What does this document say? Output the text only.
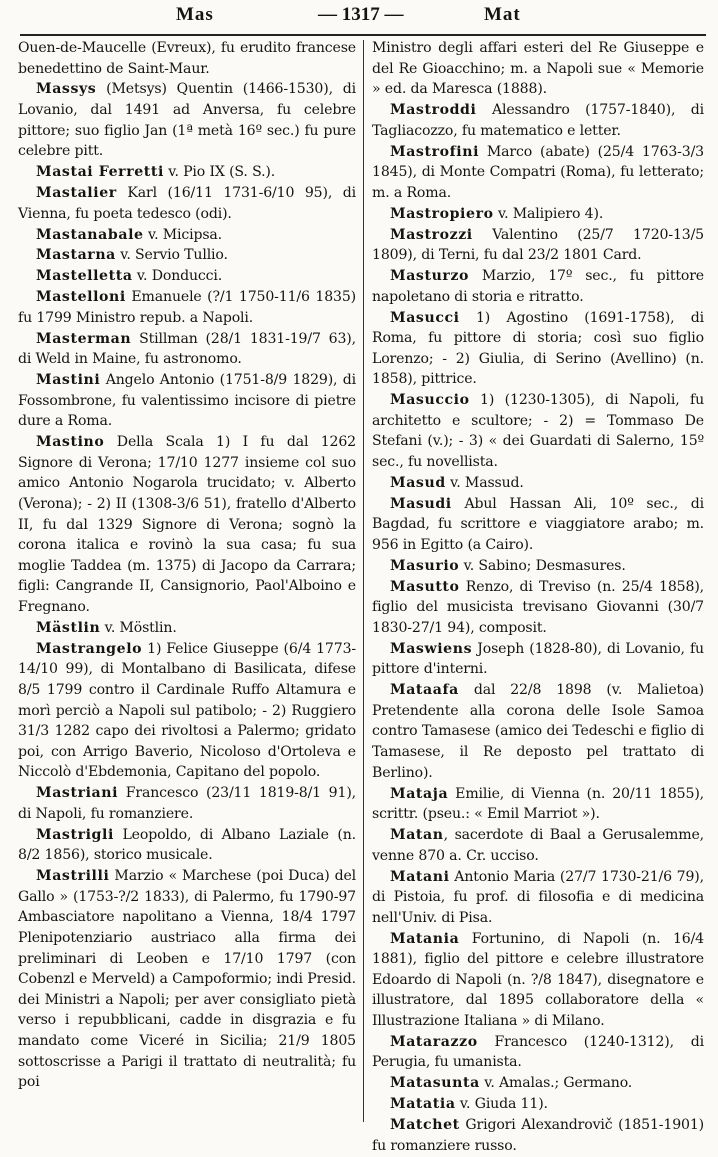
Mas	— 1317 —	Mat

Ouen-de-Maucelle (Evreux), fu erudito francese benedettino de Saint-Maur.

Massys (Metsys) Quentin (1466-1530), di Lovanio, dal 1491 ad Anversa, fu celebre pittore; suo figlio Jan (1ª metà 16º sec.) fu pure celebre pitt.

Mastai Ferretti v. Pio IX (S. S.).

Mastalier Karl (16/11 1731-6/10 95), di Vienna, fu poeta tedesco (odi).

Mastanabale v. Micipsa.

Mastarna v. Servio Tullio.

Mastelletta v. Donducci.

Mastelloni Emanuele (?/1 1750-11/6 1835) fu 1799 Ministro repub. a Napoli.

Masterman Stillman (28/1 1831-19/7 63), di Weld in Maine, fu astronomo.

Mastini Angelo Antonio (1751-8/9 1829), di Fossombrone, fu valentissimo incisore di pietre dure a Roma.

Mastino Della Scala 1) I fu dal 1262 Signore di Verona; 17/10 1277 insieme col suo amico Antonio Nogarola trucidato; v. Alberto (Verona); - 2) II (1308-3/6 51), fratello d'Alberto II, fu dal 1329 Signore di Verona; sognò la corona italica e rovinò la sua casa; fu sua moglie Taddea (m. 1375) di Jacopo da Carrara; figli: Cangrande II, Cansignorio, Paol'Alboino e Fregnano.

Mästlin v. Möstlin.

Mastrangelo 1) Felice Giuseppe (6/4 1773-14/10 99), di Montalbano di Basilicata, difese 8/5 1799 contro il Cardinale Ruffo Altamura e morì perciò a Napoli sul patibolo; - 2) Ruggiero 31/3 1282 capo dei rivoltosi a Palermo; gridato poi, con Arrigo Baverio, Nicoloso d'Ortoleva e Niccolò d'Ebdemonia, Capitano del popolo.

Mastriani Francesco (23/11 1819-8/1 91), di Napoli, fu romanziere.

Mastrigli Leopoldo, di Albano Laziale (n. 8/2 1856), storico musicale.

Mastrilli Marzio « Marchese (poi Duca) del Gallo » (1753-?/2 1833), di Palermo, fu 1790-97 Ambasciatore napolitano a Vienna, 18/4 1797 Plenipotenziario austriaco alla firma dei preliminari di Leoben e 17/10 1797 (con Cobenzl e Merveld) a Campoformio; indi Presid. dei Ministri a Napoli; per aver consigliato pietà verso i repubblicani, cadde in disgrazia e fu mandato come Viceré in Sicilia; 21/9 1805 sottoscrisse a Parigi il trattato di neutralità; fu poi

Ministro degli affari esteri del Re Giuseppe e del Re Gioacchino; m. a Napoli sue « Memorie » ed. da Maresca (1888).

Mastroddi Alessandro (1757-1840), di Tagliacozzo, fu matematico e letter.

Mastrofini Marco (abate) (25/4 1763-3/3 1845), di Monte Compatri (Roma), fu letterato; m. a Roma.

Mastropiero v. Malipiero 4).

Mastrozzi Valentino (25/7 1720-13/5 1809), di Terni, fu dal 23/2 1801 Card.

Masturzo Marzio, 17º sec., fu pittore napoletano di storia e ritratto.

Masucci 1) Agostino (1691-1758), di Roma, fu pittore di storia; così suo figlio Lorenzo; - 2) Giulia, di Serino (Avellino) (n. 1858), pittrice.

Masuccio 1) (1230-1305), di Napoli, fu architetto e scultore; - 2) = Tommaso De Stefani (v.); - 3) « dei Guardati di Salerno, 15º sec., fu novellista.

Masud v. Massud.

Masudi Abul Hassan Ali, 10º sec., di Bagdad, fu scrittore e viaggiatore arabo; m. 956 in Egitto (a Cairo).

Masurio v. Sabino; Desmasures.

Masutto Renzo, di Treviso (n. 25/4 1858), figlio del musicista trevisano Giovanni (30/7 1830-27/1 94), composit.

Maswiens Joseph (1828-80), di Lovanio, fu pittore d'interni.

Mataafa dal 22/8 1898 (v. Malietoa) Pretendente alla corona delle Isole Samoa contro Tamasese (amico dei Tedeschi e figlio di Tamasese, il Re deposto pel trattato di Berlino).

Mataja Emilie, di Vienna (n. 20/11 1855), scrittr. (pseu.: « Emil Marriot »).

Matan, sacerdote di Baal a Gerusalemme, venne 870 a. Cr. ucciso.

Matani Antonio Maria (27/7 1730-21/6 79), di Pistoia, fu prof. di filosofia e di medicina nell'Univ. di Pisa.

Matania Fortunino, di Napoli (n. 16/4 1881), figlio del pittore e celebre illustratore Edoardo di Napoli (n. ?/8 1847), disegnatore e illustratore, dal 1895 collaboratore della « Illustrazione Italiana » di Milano.

Matarazzo Francesco (1240-1312), di Perugia, fu umanista.

Matasunta v. Amalas.; Germano.

Matatia v. Giuda 11).

Matchet Grigori Alexandrovič (1851-1901) fu romanziere russo.
